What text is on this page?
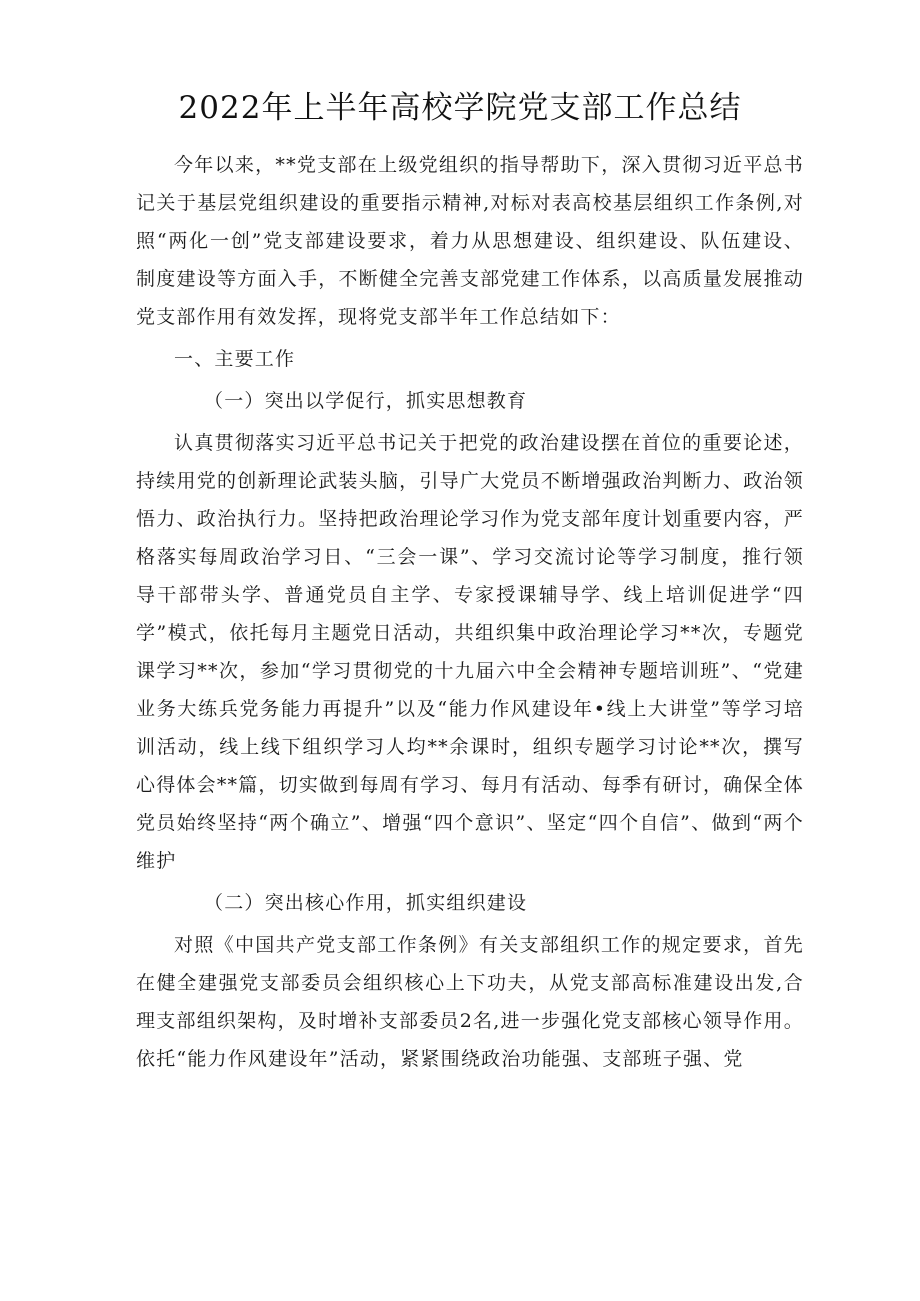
2022年上半年高校学院党支部工作总结

今年以来，**党支部在上级党组织的指导帮助下，深入贯彻习近平总书记关于基层党组织建设的重要指示精神,对标对表高校基层组织工作条例,对照“两化一创”党支部建设要求，着力从思想建设、组织建设、队伍建设、制度建设等方面入手，不断健全完善支部党建工作体系，以高质量发展推动党支部作用有效发挥，现将党支部半年工作总结如下：

一、主要工作

（一）突出以学促行，抓实思想教育

认真贯彻落实习近平总书记关于把党的政治建设摆在首位的重要论述，持续用党的创新理论武装头脑，引导广大党员不断增强政治判断力、政治领悟力、政治执行力。坚持把政治理论学习作为党支部年度计划重要内容，严格落实每周政治学习日、“三会一课”、学习交流讨论等学习制度，推行领导干部带头学、普通党员自主学、专家授课辅导学、线上培训促进学“四学”模式，依托每月主题党日活动，共组织集中政治理论学习**次，专题党课学习**次，参加“学习贯彻党的十九届六中全会精神专题培训班”、“党建业务大练兵党务能力再提升”以及“能力作风建设年•线上大讲堂”等学习培训活动，线上线下组织学习人均**余课时，组织专题学习讨论**次，撰写心得体会**篇，切实做到每周有学习、每月有活动、每季有研讨，确保全体党员始终坚持“两个确立”、增强“四个意识”、坚定“四个自信”、做到“两个维护

（二）突出核心作用，抓实组织建设

对照《中国共产党支部工作条例》有关支部组织工作的规定要求，首先在健全建强党支部委员会组织核心上下功夫，从党支部高标准建设出发,合理支部组织架构，及时增补支部委员2名,进一步强化党支部核心领导作用。依托“能力作风建设年”活动，紧紧围绕政治功能强、支部班子强、党
